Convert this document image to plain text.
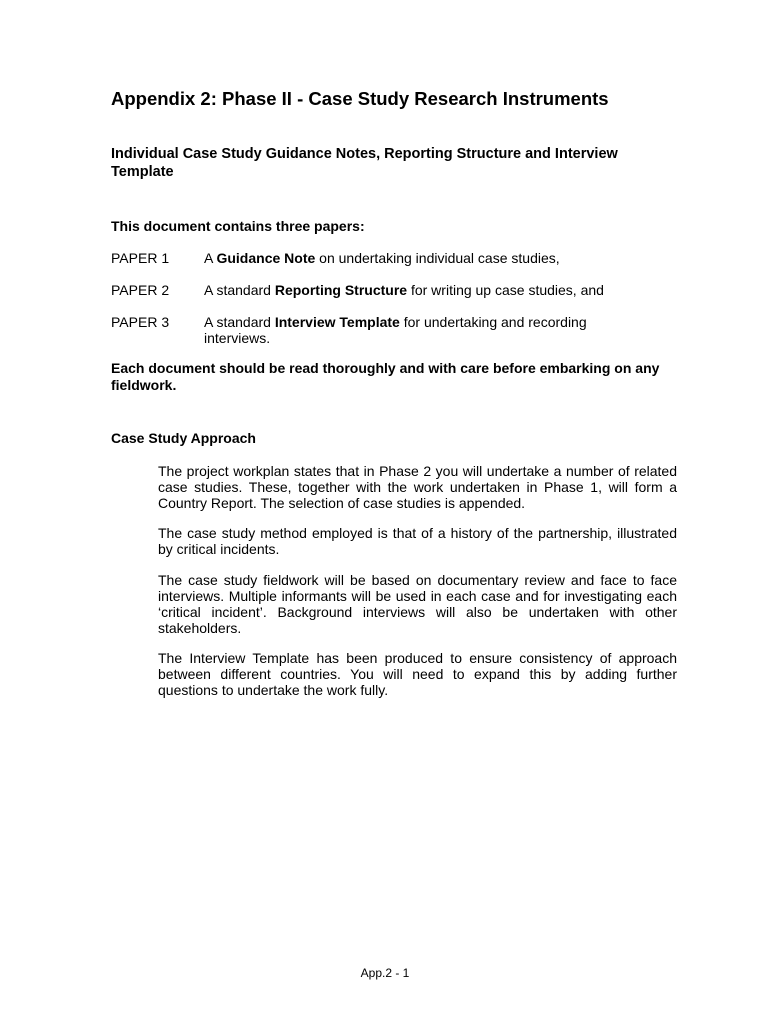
Appendix 2: Phase II - Case Study Research Instruments
Individual Case Study Guidance Notes, Reporting Structure and Interview Template
This document contains three papers:
PAPER 1 A Guidance Note on undertaking individual case studies,
PAPER 2 A standard Reporting Structure for writing up case studies, and
PAPER 3 A standard Interview Template for undertaking and recording interviews.
Each document should be read thoroughly and with care before embarking on any fieldwork.
Case Study Approach
The project workplan states that in Phase 2 you will undertake a number of related case studies. These, together with the work undertaken in Phase 1, will form a Country Report. The selection of case studies is appended.
The case study method employed is that of a history of the partnership, illustrated by critical incidents.
The case study fieldwork will be based on documentary review and face to face interviews. Multiple informants will be used in each case and for investigating each ‘critical incident’. Background interviews will also be undertaken with other stakeholders.
The Interview Template has been produced to ensure consistency of approach between different countries. You will need to expand this by adding further questions to undertake the work fully.
App.2 - 1
